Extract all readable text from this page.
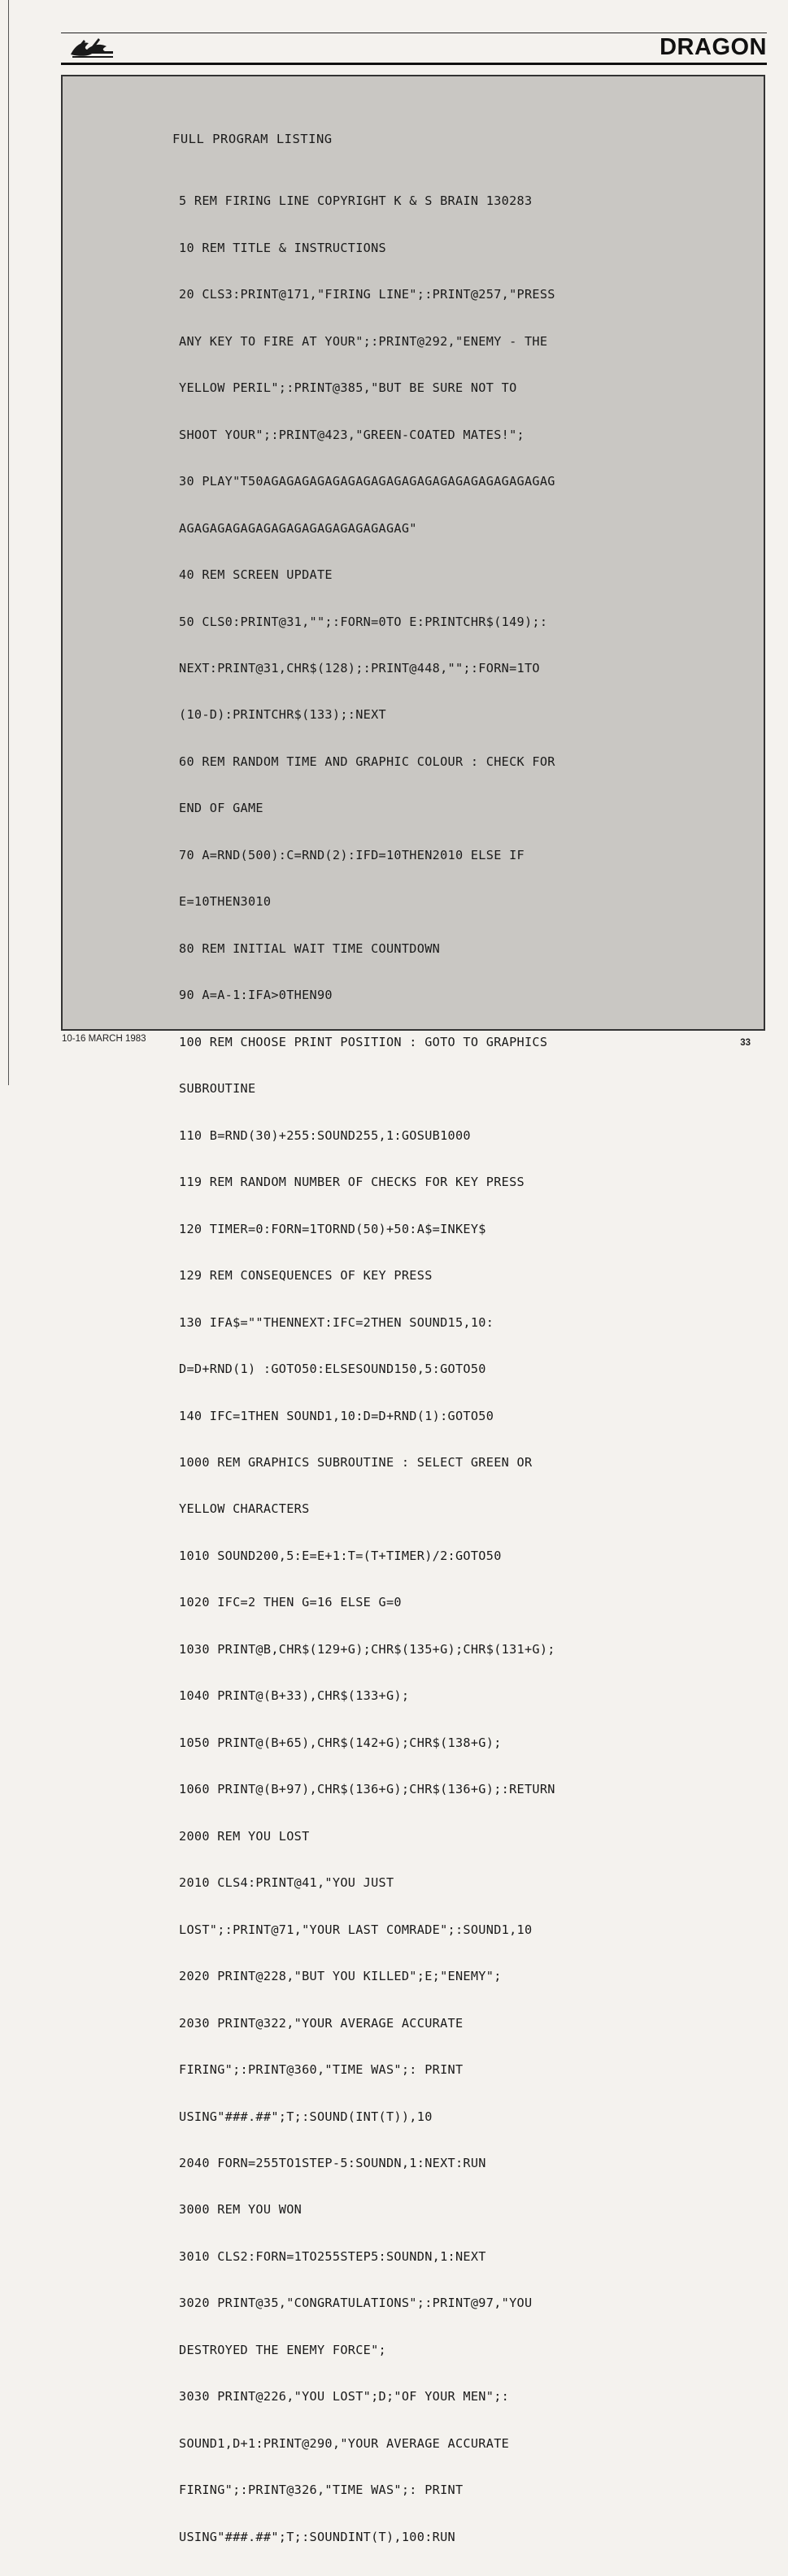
DRAGON
FULL PROGRAM LISTING

5 REM FIRING LINE COPYRIGHT K & S BRAIN 130283

10 REM TITLE & INSTRUCTIONS

20 CLS3:PRINT@171,"FIRING LINE";:PRINT@257,"PRESS

ANY KEY TO FIRE AT YOUR";:PRINT@292,"ENEMY - THE

YELLOW PERIL";:PRINT@385,"BUT BE SURE NOT TO

SHOOT YOUR";:PRINT@423,"GREEN-COATED MATES!";

30 PLAY"T50AGAGAGAGAGAGAGAGAGAGAGAGAGAGAGAGAGAGAG

AGAGAGAGAGAGAGAGAGAGAGAGAGAGAG"

40 REM SCREEN UPDATE

50 CLS0:PRINT@31,"";:FORN=0TO E:PRINTCHR$(149);:

NEXT:PRINT@31,CHR$(128);:PRINT@448,"";:FORN=1TO

(10-D):PRINTCHR$(133);:NEXT

60 REM RANDOM TIME AND GRAPHIC COLOUR : CHECK FOR

END OF GAME

70 A=RND(500):C=RND(2):IFD=10THEN2010 ELSE IF

E=10THEN3010

80 REM INITIAL WAIT TIME COUNTDOWN

90 A=A-1:IFA>0THEN90

100 REM CHOOSE PRINT POSITION : GOTO TO GRAPHICS

SUBROUTINE

110 B=RND(30)+255:SOUND255,1:GOSUB1000

119 REM RANDOM NUMBER OF CHECKS FOR KEY PRESS

120 TIMER=0:FORN=1TORND(50)+50:A$=INKEY$

129 REM CONSEQUENCES OF KEY PRESS

130 IFA$=""THENNEXT:IFC=2THEN SOUND15,10:

D=D+RND(1) :GOTO50:ELSESOUND150,5:GOTO50

140 IFC=1THEN SOUND1,10:D=D+RND(1):GOTO50

1000 REM GRAPHICS SUBROUTINE : SELECT GREEN OR

YELLOW CHARACTERS

1010 SOUND200,5:E=E+1:T=(T+TIMER)/2:GOTO50

1020 IFC=2 THEN G=16 ELSE G=0

1030 PRINT@B,CHR$(129+G);CHR$(135+G);CHR$(131+G);

1040 PRINT@(B+33),CHR$(133+G);

1050 PRINT@(B+65),CHR$(142+G);CHR$(138+G);

1060 PRINT@(B+97),CHR$(136+G);CHR$(136+G);:RETURN

2000 REM YOU LOST

2010 CLS4:PRINT@41,"YOU JUST

LOST";:PRINT@71,"YOUR LAST COMRADE";:SOUND1,10

2020 PRINT@228,"BUT YOU KILLED";E;"ENEMY";

2030 PRINT@322,"YOUR AVERAGE ACCURATE

FIRING";:PRINT@360,"TIME WAS";: PRINT

USING"###.##";T;:SOUND(INT(T)),10

2040 FORN=255TO1STEP-5:SOUNDN,1:NEXT:RUN

3000 REM YOU WON

3010 CLS2:FORN=1TO255STEP5:SOUNDN,1:NEXT

3020 PRINT@35,"CONGRATULATIONS";:PRINT@97,"YOU

DESTROYED THE ENEMY FORCE";

3030 PRINT@226,"YOU LOST";D;"OF YOUR MEN";:

SOUND1,D+1:PRINT@290,"YOUR AVERAGE ACCURATE

FIRING";:PRINT@326,"TIME WAS";: PRINT

USING"###.##";T;:SOUNDINT(T),100:RUN

10-16 MARCH 1983	33
